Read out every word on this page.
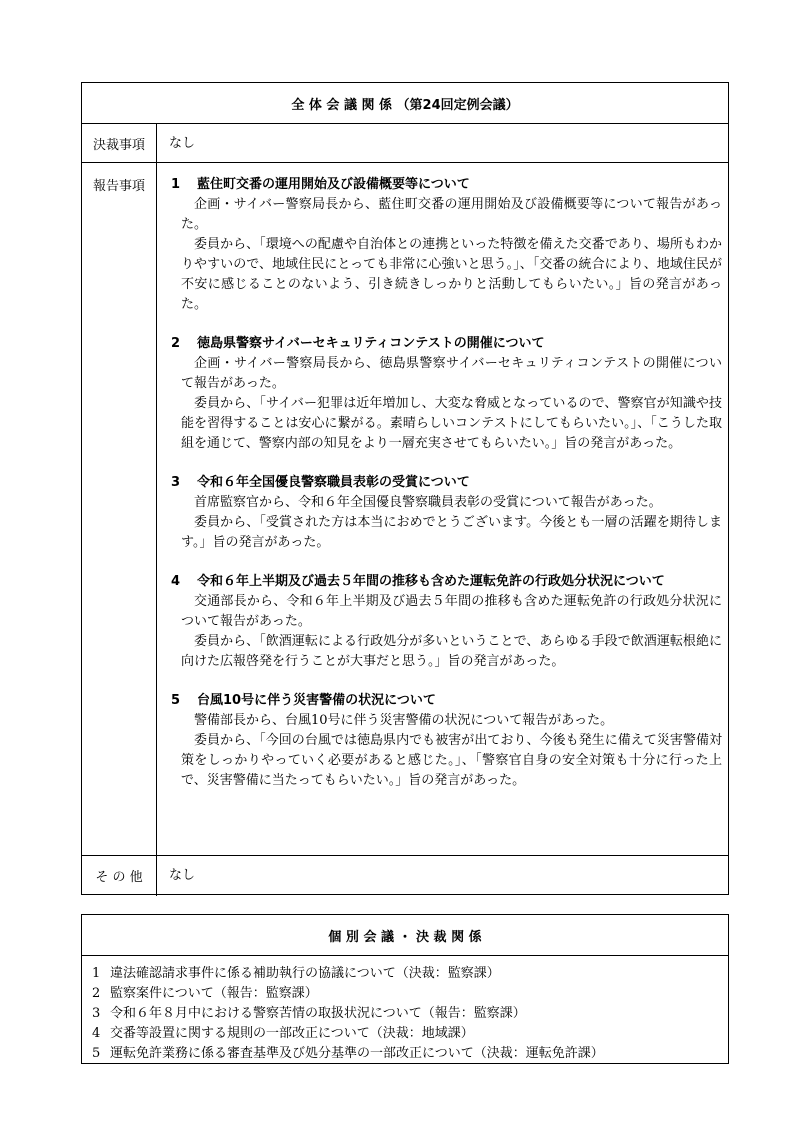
全 体 会 議 関 係 （第24回定例会議）
決裁事項	なし
報告事項	1	藍住町交番の運用開始及び設備概要等について

企画・サイバー警察局長から、藍住町交番の運用開始及び設備概要等について報告があった。

委員から、「環境への配慮や自治体との連携といった特徴を備えた交番であり、場所もわかりやすいので、地域住民にとっても非常に心強いと思う。」、「交番の統合により、地域住民が不安に感じることのないよう、引き続きしっかりと活動してもらいたい。」旨の発言があった。

2	徳島県警察サイバーセキュリティコンテストの開催について

企画・サイバー警察局長から、徳島県警察サイバーセキュリティコンテストの開催について報告があった。

委員から、「サイバー犯罪は近年増加し、大変な脅威となっているので、警察官が知識や技能を習得することは安心に繋がる。素晴らしいコンテストにしてもらいたい。」、「こうした取組を通じて、警察内部の知見をより一層充実させてもらいたい。」旨の発言があった。

3	令和６年全国優良警察職員表彰の受賞について

首席監察官から、令和６年全国優良警察職員表彰の受賞について報告があった。

委員から、「受賞された方は本当におめでとうございます。今後とも一層の活躍を期待します。」旨の発言があった。

4	令和６年上半期及び過去５年間の推移も含めた運転免許の行政処分状況について

交通部長から、令和６年上半期及び過去５年間の推移も含めた運転免許の行政処分状況について報告があった。

委員から、「飲酒運転による行政処分が多いということで、あらゆる手段で飲酒運転根絶に向けた広報啓発を行うことが大事だと思う。」旨の発言があった。

5	台風10号に伴う災害警備の状況について

警備部長から、台風10号に伴う災害警備の状況について報告があった。

委員から、「今回の台風では徳島県内でも被害が出ており、今後も発生に備えて災害警備対策をしっかりやっていく必要があると感じた。」、「警察官自身の安全対策も十分に行った上で、災害警備に当たってもらいたい。」旨の発言があった。

そ の 他	なし
個 別 会 議 ・ 決 裁 関 係
1 違法確認請求事件に係る補助執行の協議について（決裁：監察課）
2 監察案件について（報告：監察課）
3 令和６年８月中における警察苦情の取扱状況について（報告：監察課）
4 交番等設置に関する規則の一部改正について（決裁：地域課）
5 運転免許業務に係る審査基準及び処分基準の一部改正について（決裁：運転免許課）
